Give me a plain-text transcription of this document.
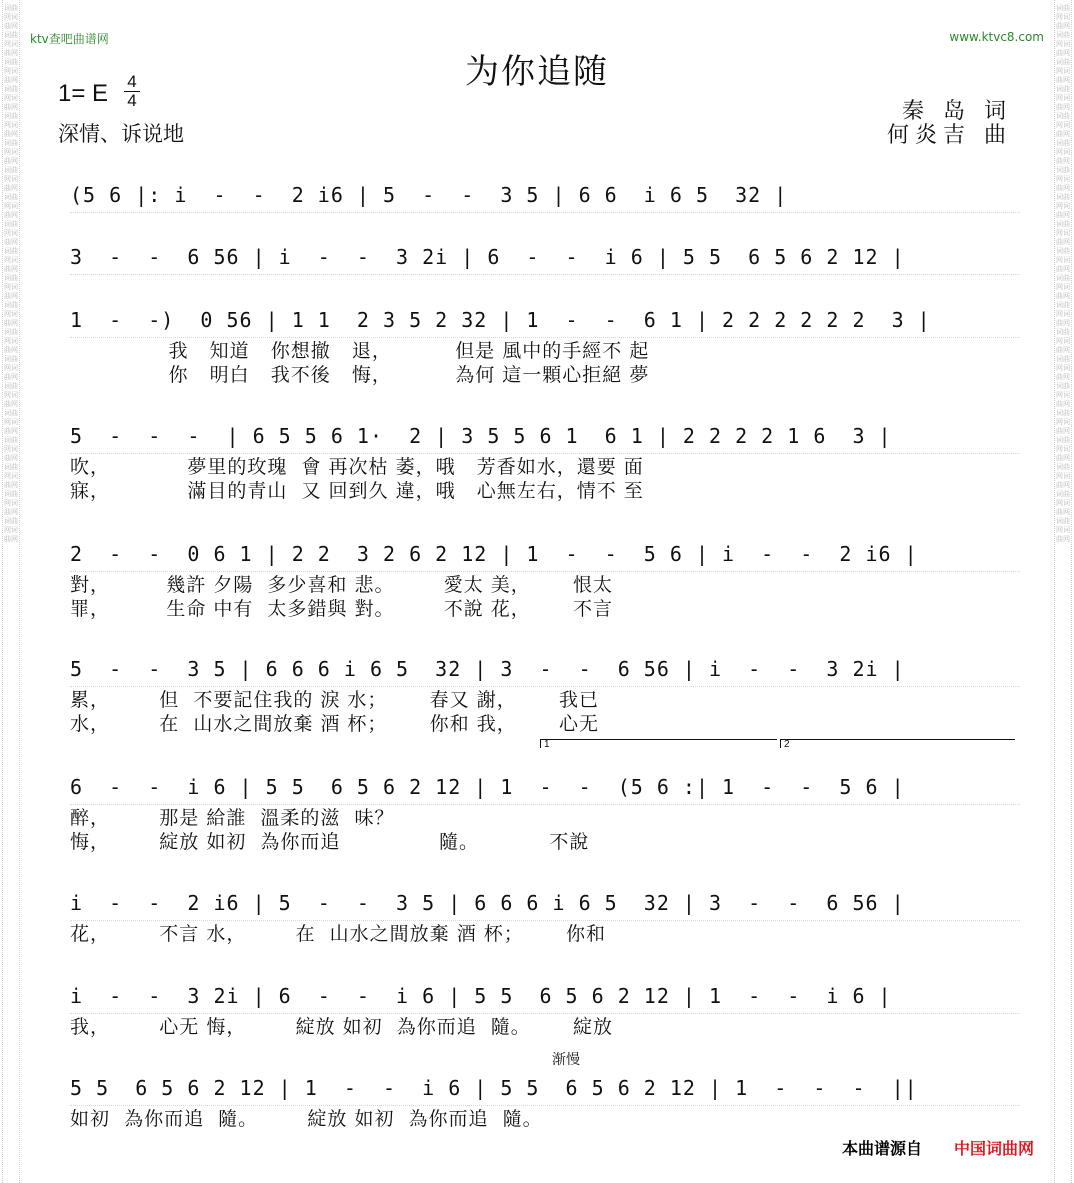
词曲网词曲网词曲网词曲网词曲网词曲网词曲网词曲网词曲网词曲网词曲网词曲网词曲网词曲网词曲网词曲网词曲网词曲网词曲网词曲网词曲网词曲网词曲网词曲网词曲网词曲网词曲网词曲网词曲网词曲网词曲网词曲网词曲网词曲网词曲网词曲网词曲网词曲网词曲网词曲网
词曲网词曲网词曲网词曲网词曲网词曲网词曲网词曲网词曲网词曲网词曲网词曲网词曲网词曲网词曲网词曲网词曲网词曲网词曲网词曲网词曲网词曲网词曲网词曲网词曲网词曲网词曲网词曲网词曲网词曲网词曲网词曲网词曲网词曲网词曲网词曲网词曲网词曲网词曲网词曲网
ktv查吧曲谱网	www.ktvc8.com
为你追随
1= E	4
4
深情、诉说地
秦 岛 词
何炎吉 曲
(5 6 |: i  -  -  2 i6 | 5  -  -  3 5 | 6 6  i 6 5  32 |
3  -  -  6 56 | i  -  -  3 2i | 6  -  -  i 6 | 5 5  6 5 6 2 12 |
1  -  -)  0 56 | 1 1  2 3 5 2 32 | 1  -  -  6 1 | 2 2 2 2 2 2  3 |
我   知道   你想撤   退，         但是 風中的手經不 起
你   明白   我不後   悔，         為何 這一顆心拒絕 夢
5  -  -  -  | 6 5 5 6 1·  2 | 3 5 5 6 1  6 1 | 2 2 2 2 1 6  3 |
吹，           夢里的玫瑰  會 再次枯 萎，哦   芳香如水，還要 面
寐，           滿目的青山  又 回到久 違，哦   心無左右，情不 至
2  -  -  0 6 1 | 2 2  3 2 6 2 12 | 1  -  -  5 6 | i  -  -  2 i6 |
對，        幾許 夕陽  多少喜和 悲。       愛太 美，      恨太
罪，        生命 中有  太多錯與 對。       不說 花，      不言
5  -  -  3 5 | 6 6 6 i 6 5  32 | 3  -  -  6 56 | i  -  -  3 2i |
累，       但  不要記住我的 淚 水；      春又 謝，      我已
水，       在  山水之間放棄 酒 杯；      你和 我，      心无
1	2
6  -  -  i 6 | 5 5  6 5 6 2 12 | 1  -  -  (5 6 :| 1  -  -  5 6 |
醉，       那是 給誰  溫柔的滋  味？
悔，       綻放 如初  為你而追              隨。          不說
i  -  -  2 i6 | 5  -  -  3 5 | 6 6 6 i 6 5  32 | 3  -  -  6 56 |
花，       不言 水，       在  山水之間放棄 酒 杯；      你和
i  -  -  3 2i | 6  -  -  i 6 | 5 5  6 5 6 2 12 | 1  -  -  i 6 |
我，       心无 悔，       綻放 如初  為你而追  隨。      綻放
渐慢
5 5  6 5 6 2 12 | 1  -  -  i 6 | 5 5  6 5 6 2 12 | 1  -  -  -  ||
如初  為你而追  隨。       綻放 如初  為你而追  隨。
本曲谱源自 中国词曲网
